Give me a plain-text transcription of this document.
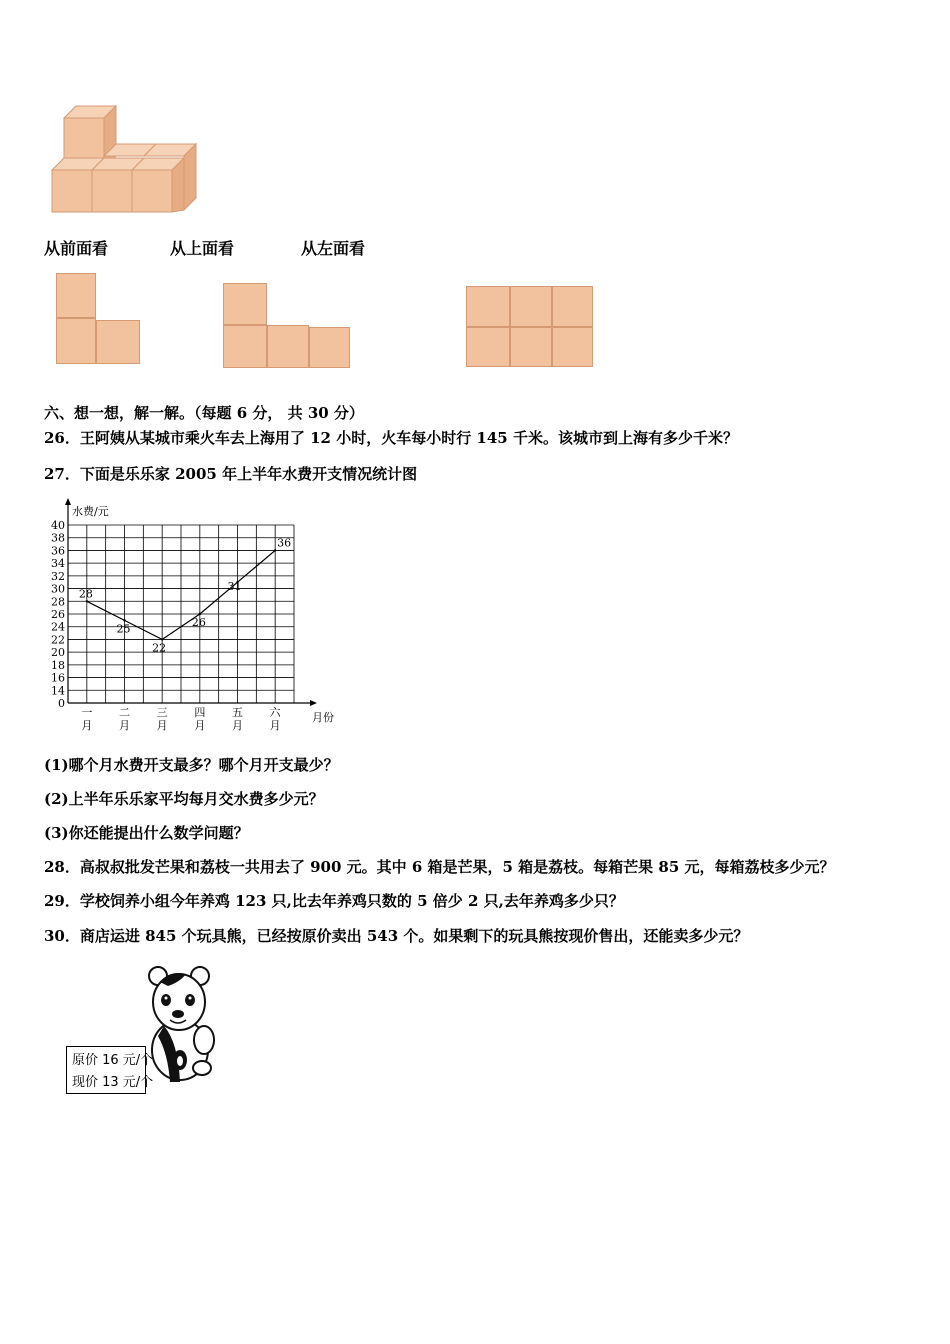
从前面看	从上面看	从左面看
六、想一想，解一解。（每题 6 分， 共 30 分）
26．王阿姨从某城市乘火车去上海用了 12 小时，火车每小时行 145 千米。该城市到上海有多少千米？
27．下面是乐乐家 2005 年上半年水费开支情况统计图
0
14
16
18
20
22
24
26
28
30
32
34
36
38
40
水费/元
月份
一
月
二
月
三
月
四
月
五
月
六
月
28
25
22
26
31
36
(1)哪个月水费开支最多？哪个月开支最少？
(2)上半年乐乐家平均每月交水费多少元？
(3)你还能提出什么数学问题？
28．高叔叔批发芒果和荔枝一共用去了 900 元。其中 6 箱是芒果，5 箱是荔枝。每箱芒果 85 元，每箱荔枝多少元？
29．学校饲养小组今年养鸡 123 只,比去年养鸡只数的 5 倍少 2 只,去年养鸡多少只？
30．商店运进 845 个玩具熊，已经按原价卖出 543 个。如果剩下的玩具熊按现价售出，还能卖多少元？
原价 16 元/个
现价 13 元/个
